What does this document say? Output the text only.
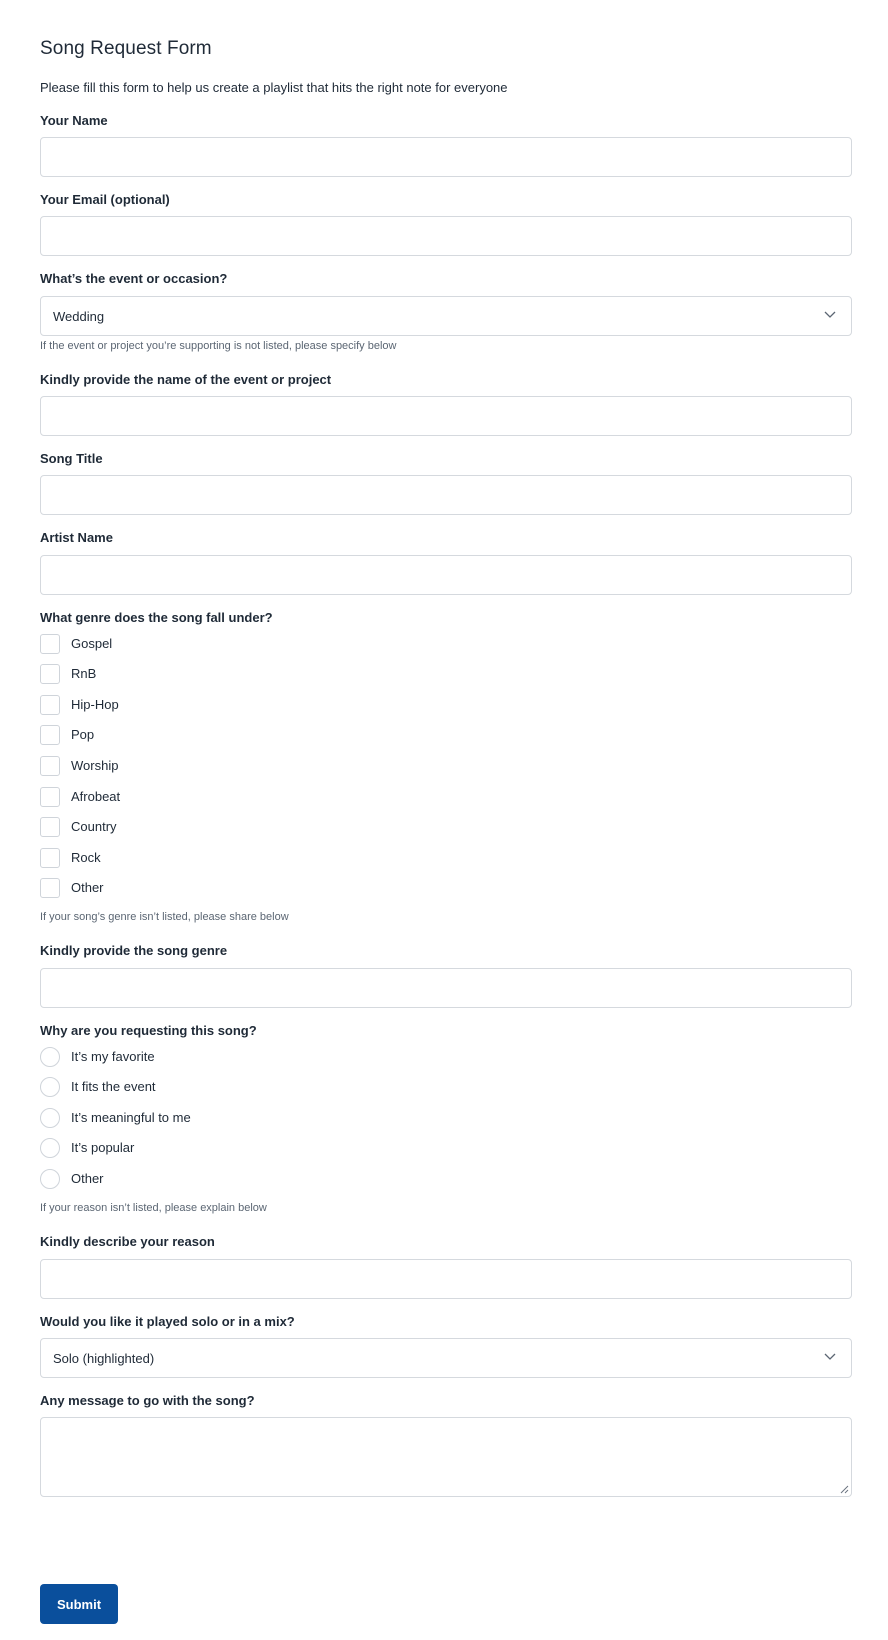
Song Request Form

Please fill this form to help us create a playlist that hits the right note for everyone

Your Name
Your Email (optional)
What’s the event or occasion?
Wedding
If the event or project you’re supporting is not listed, please specify below
Kindly provide the name of the event or project
Song Title
Artist Name
What genre does the song fall under?
Gospel
RnB
Hip-Hop
Pop
Worship
Afrobeat
Country
Rock
Other
If your song’s genre isn’t listed, please share below
Kindly provide the song genre
Why are you requesting this song?
It’s my favorite
It fits the event
It’s meaningful to me
It’s popular
Other
If your reason isn’t listed, please explain below
Kindly describe your reason
Would you like it played solo or in a mix?
Solo (highlighted)
Any message to go with the song?
Submit
